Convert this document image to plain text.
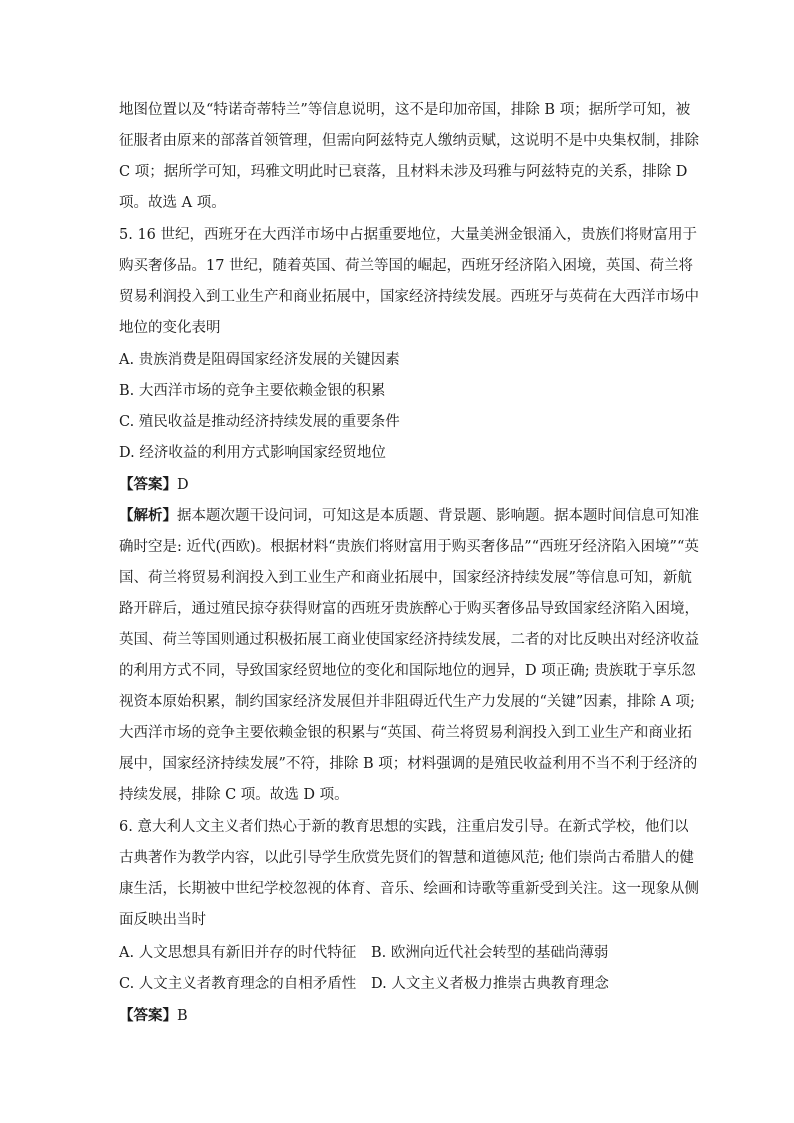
地图位置以及“特诺奇蒂特兰”等信息说明，这不是印加帝国，排除 B 项；据所学可知，被
征服者由原来的部落首领管理，但需向阿兹特克人缴纳贡赋，这说明不是中央集权制，排除
C 项；据所学可知，玛雅文明此时已衰落，且材料未涉及玛雅与阿兹特克的关系，排除 D
项。故选 A 项。
5. 16 世纪，西班牙在大西洋市场中占据重要地位，大量美洲金银涌入，贵族们将财富用于
购买奢侈品。17 世纪，随着英国、荷兰等国的崛起，西班牙经济陷入困境，英国、荷兰将
贸易利润投入到工业生产和商业拓展中，国家经济持续发展。西班牙与英荷在大西洋市场中
地位的变化表明
A. 贵族消费是阻碍国家经济发展的关键因素
B. 大西洋市场的竞争主要依赖金银的积累
C. 殖民收益是推动经济持续发展的重要条件
D. 经济收益的利用方式影响国家经贸地位
【答案】D
【解析】据本题次题干设问词，可知这是本质题、背景题、影响题。据本题时间信息可知准
确时空是: 近代(西欧)。根据材料“贵族们将财富用于购买奢侈品”“西班牙经济陷入困境”“英
国、荷兰将贸易利润投入到工业生产和商业拓展中，国家经济持续发展”等信息可知，新航
路开辟后，通过殖民掠夺获得财富的西班牙贵族醉心于购买奢侈品导致国家经济陷入困境，
英国、荷兰等国则通过积极拓展工商业使国家经济持续发展，二者的对比反映出对经济收益
的利用方式不同，导致国家经贸地位的变化和国际地位的迥异，D 项正确; 贵族耽于享乐忽
视资本原始积累，制约国家经济发展但并非阻碍近代生产力发展的“关键”因素，排除 A 项;
大西洋市场的竞争主要依赖金银的积累与“英国、荷兰将贸易利润投入到工业生产和商业拓
展中，国家经济持续发展”不符，排除 B 项；材料强调的是殖民收益利用不当不利于经济的
持续发展，排除 C 项。故选 D 项。
6. 意大利人文主义者们热心于新的教育思想的实践，注重启发引导。在新式学校，他们以
古典著作为教学内容，以此引导学生欣赏先贤们的智慧和道德风范; 他们崇尚古希腊人的健
康生活，长期被中世纪学校忽视的体育、音乐、绘画和诗歌等重新受到关注。这一现象从侧
面反映出当时
A. 人文思想具有新旧并存的时代特征 B. 欧洲向近代社会转型的基础尚薄弱
C. 人文主义者教育理念的自相矛盾性 D. 人文主义者极力推崇古典教育理念
【答案】B
